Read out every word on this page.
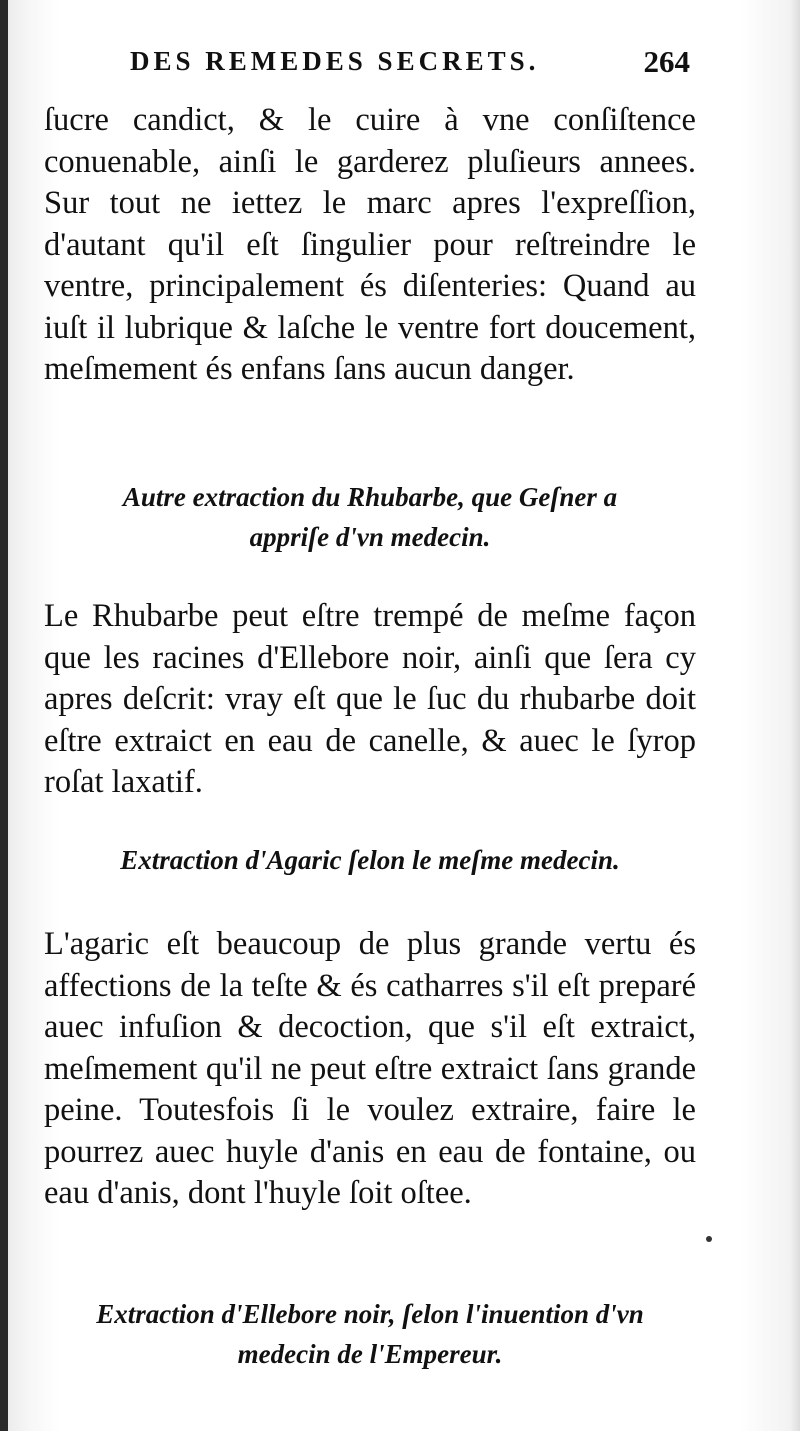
DES REMEDES SECRETS.	264

ſucre candict, & le cuire à vne conſiſtence conuenable, ainſi le garderez pluſieurs annees. Sur tout ne iettez le marc apres l'expreſſion, d'autant qu'il eſt ſingulier pour reſtreindre le ventre, principalement és diſenteries: Quand au iuſt il lubrique & laſche le ventre fort doucement, meſmement és enfans ſans aucun danger.

Autre extraction du Rhubarbe, que Geſner a
appriſe d'vn medecin.

Le Rhubarbe peut eſtre trempé de meſme façon que les racines d'Ellebore noir, ainſi que ſera cy apres deſcrit: vray eſt que le ſuc du rhubarbe doit eſtre extraict en eau de canelle, & auec le ſyrop roſat laxatif.

Extraction d'Agaric ſelon le meſme medecin.

L'agaric eſt beaucoup de plus grande vertu és affections de la teſte & és catharres s'il eſt preparé auec infuſion & decoction, que s'il eſt extraict, meſmement qu'il ne peut eſtre extraict ſans grande peine. Toutesfois ſi le voulez extraire, faire le pourrez auec huyle d'anis en eau de fontaine, ou eau d'anis, dont l'huyle ſoit oſtee.

Extraction d'Ellebore noir, ſelon l'inuention d'vn
medecin de l'Empereur.
